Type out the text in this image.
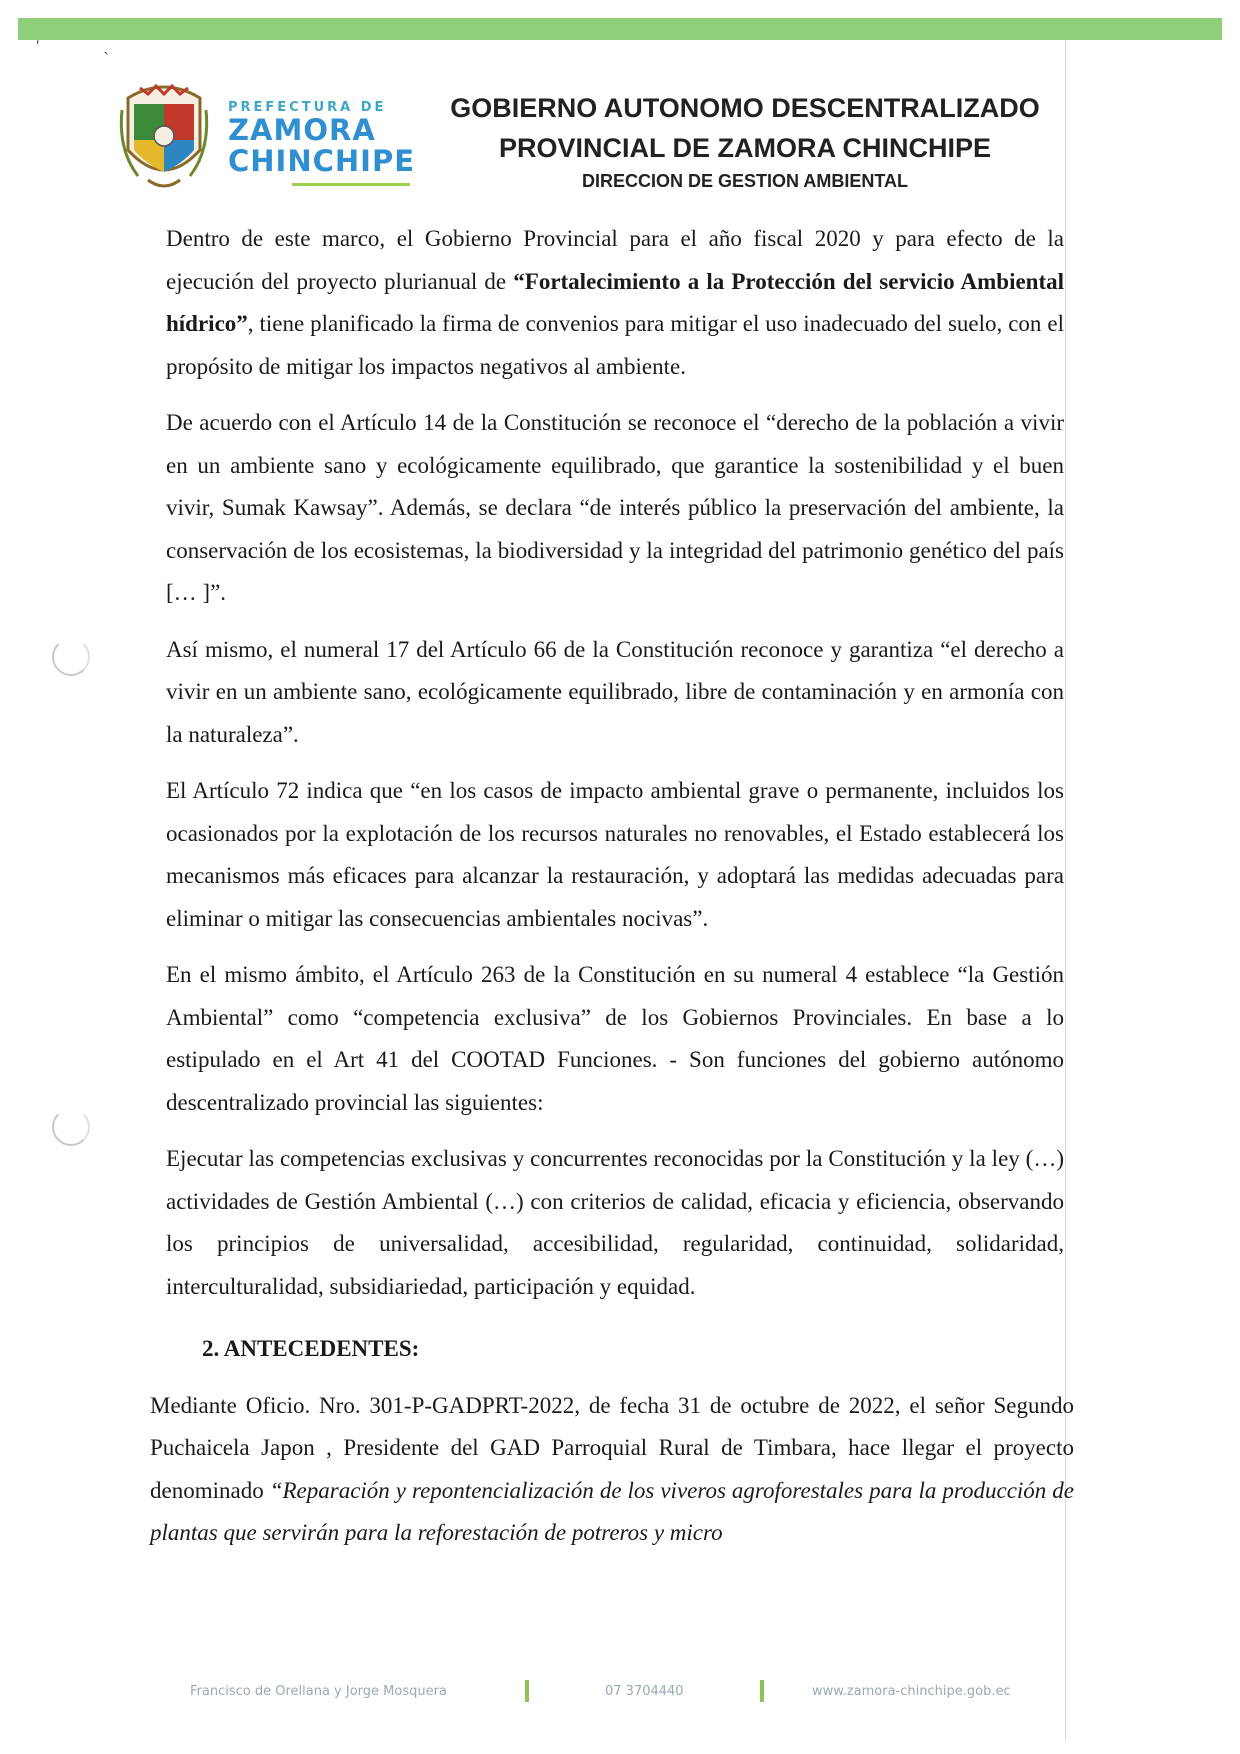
′                ˏ
PREFECTURA DE
ZAMORA
CHINCHIPE
GOBIERNO AUTONOMO DESCENTRALIZADO
PROVINCIAL DE ZAMORA CHINCHIPE
DIRECCION DE GESTION AMBIENTAL

Dentro de este marco, el Gobierno Provincial para el año fiscal 2020 y para efecto de la ejecución del proyecto plurianual de “Fortalecimiento a la Protección del servicio Ambiental hídrico”, tiene planificado la firma de convenios para mitigar el uso inadecuado del suelo, con el propósito de mitigar los impactos negativos al ambiente.

De acuerdo con el Artículo 14 de la Constitución se reconoce el “derecho de la población a vivir en un ambiente sano y ecológicamente equilibrado, que garantice la sostenibilidad y el buen vivir, Sumak Kawsay”. Además, se declara “de interés público la preservación del ambiente, la conservación de los ecosistemas, la biodiversidad y la integridad del patrimonio genético del país [… ]”.

Así mismo, el numeral 17 del Artículo 66 de la Constitución reconoce y garantiza “el derecho a vivir en un ambiente sano, ecológicamente equilibrado, libre de contaminación y en armonía con la naturaleza”.

El Artículo 72 indica que “en los casos de impacto ambiental grave o permanente, incluidos los ocasionados por la explotación de los recursos naturales no renovables, el Estado establecerá los mecanismos más eficaces para alcanzar la restauración, y adoptará las medidas adecuadas para eliminar o mitigar las consecuencias ambientales nocivas”.

En el mismo ámbito, el Artículo 263 de la Constitución en su numeral 4 establece “la Gestión Ambiental” como “competencia exclusiva” de los Gobiernos Provinciales. En base a lo estipulado en el Art 41 del COOTAD Funciones. - Son funciones del gobierno autónomo descentralizado provincial las siguientes:

Ejecutar las competencias exclusivas y concurrentes reconocidas por la Constitución y la ley (…) actividades de Gestión Ambiental (…) con criterios de calidad, eficacia y eficiencia, observando los principios de universalidad, accesibilidad, regularidad, continuidad, solidaridad, interculturalidad, subsidiariedad, participación y equidad.

2. ANTECEDENTES:

Mediante Oficio. Nro. 301-P-GADPRT-2022, de fecha 31 de octubre de 2022, el señor Segundo Puchaicela Japon , Presidente del GAD Parroquial Rural de Timbara, hace llegar el proyecto denominado “Reparación y repontencialización de los viveros agroforestales para la producción de plantas que servirán para la reforestación de potreros y micro

Francisco de Orellana y Jorge Mosquera	07 3704440	www.zamora-chinchipe.gob.ec
